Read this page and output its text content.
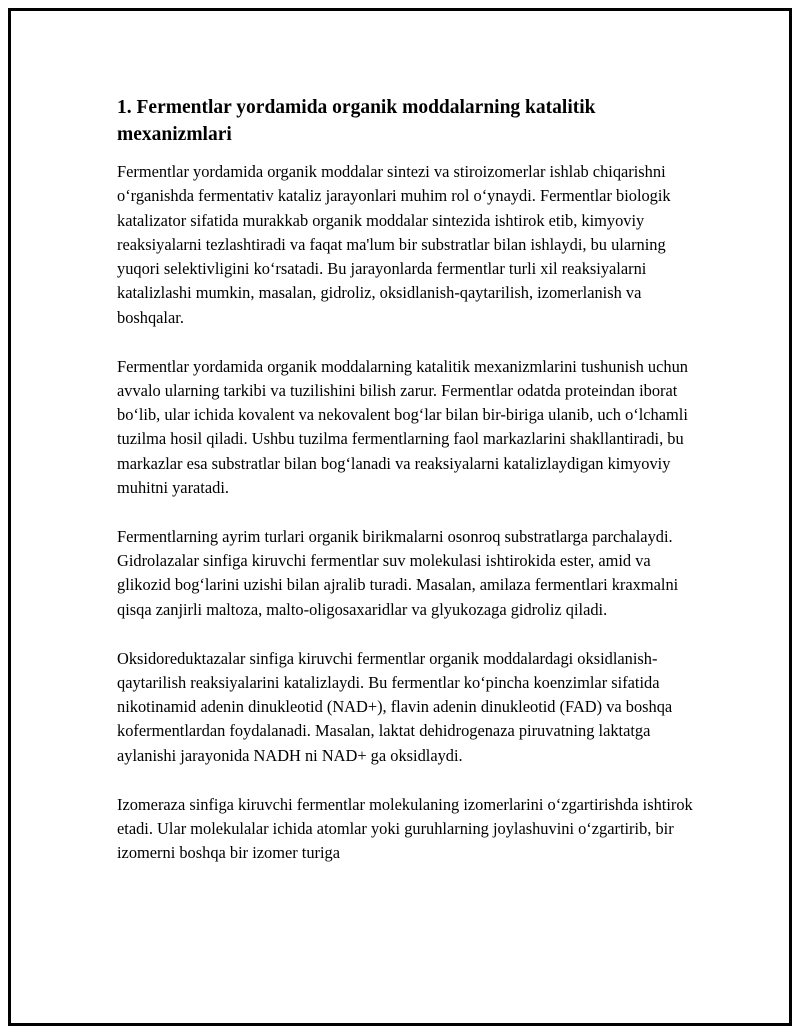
1. Fermentlar yordamida organik moddalarning katalitik mexanizmlari

Fermentlar yordamida organik moddalar sintezi va stiroizomerlar ishlab chiqarishni o‘rganishda fermentativ kataliz jarayonlari muhim rol o‘ynaydi. Fermentlar biologik katalizator sifatida murakkab organik moddalar sintezida ishtirok etib, kimyoviy reaksiyalarni tezlashtiradi va faqat ma'lum bir substratlar bilan ishlaydi, bu ularning yuqori selektivligini ko‘rsatadi. Bu jarayonlarda fermentlar turli xil reaksiyalarni katalizlashi mumkin, masalan, gidroliz, oksidlanish-qaytarilish, izomerlanish va boshqalar.

Fermentlar yordamida organik moddalarning katalitik mexanizmlarini tushunish uchun avvalo ularning tarkibi va tuzilishini bilish zarur. Fermentlar odatda proteindan iborat bo‘lib, ular ichida kovalent va nekovalent bog‘lar bilan bir-biriga ulanib, uch o‘lchamli tuzilma hosil qiladi. Ushbu tuzilma fermentlarning faol markazlarini shakllantiradi, bu markazlar esa substratlar bilan bog‘lanadi va reaksiyalarni katalizlaydigan kimyoviy muhitni yaratadi.

Fermentlarning ayrim turlari organik birikmalarni osonroq substratlarga parchalaydi. Gidrolazalar sinfiga kiruvchi fermentlar suv molekulasi ishtirokida ester, amid va glikozid bog‘larini uzishi bilan ajralib turadi. Masalan, amilaza fermentlari kraxmalni qisqa zanjirli maltoza, malto-oligosaxaridlar va glyukozaga gidroliz qiladi.

Oksidoreduktazalar sinfiga kiruvchi fermentlar organik moddalardagi oksidlanish-qaytarilish reaksiyalarini katalizlaydi. Bu fermentlar ko‘pincha koenzimlar sifatida nikotinamid adenin dinukleotid (NAD+), flavin adenin dinukleotid (FAD) va boshqa kofermentlardan foydalanadi. Masalan, laktat dehidrogenaza piruvatning laktatga aylanishi jarayonida NADH ni NAD+ ga oksidlaydi.

Izomeraza sinfiga kiruvchi fermentlar molekulaning izomerlarini o‘zgartirishda ishtirok etadi. Ular molekulalar ichida atomlar yoki guruhlarning joylashuvini o‘zgartirib, bir izomerni boshqa bir izomer turiga
